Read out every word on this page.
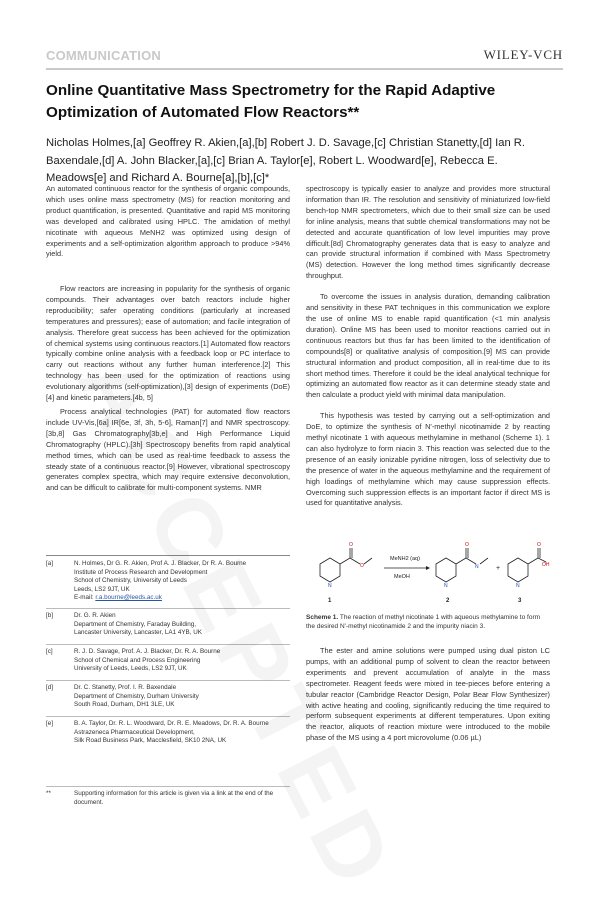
COMMUNICATION	WILEY-VCH
Online Quantitative Mass Spectrometry for the Rapid Adaptive Optimization of Automated Flow Reactors**
Nicholas Holmes,[a] Geoffrey R. Akien,[a],[b] Robert J. D. Savage,[c] Christian Stanetty,[d] Ian R. Baxendale,[d] A. John Blacker,[a],[c] Brian A. Taylor[e], Robert L. Woodward[e], Rebecca E. Meadows[e] and Richard A. Bourne[a],[b],[c]*

An automated continuous reactor for the synthesis of organic compounds, which uses online mass spectrometry (MS) for reaction monitoring and product quantification, is presented. Quantitative and rapid MS monitoring was developed and calibrated using HPLC. The amidation of methyl nicotinate with aqueous MeNH2 was optimized using design of experiments and a self-optimization algorithm approach to produce >94% yield.

Flow reactors are increasing in popularity for the synthesis of organic compounds. Their advantages over batch reactors include higher reproducibility; safer operating conditions (particularly at increased temperatures and pressures); ease of automation; and facile integration of analysis. Therefore great success has been achieved for the optimization of chemical systems using continuous reactors.[1] Automated flow reactors typically combine online analysis with a feedback loop or PC interface to carry out reactions without any further human interference.[2] This technology has been used for the optimization of reactions using evolutionary algorithms (self-optimization),[3] design of experiments (DoE)[4] and kinetic parameters.[4b, 5]

Process analytical technologies (PAT) for automated flow reactors include UV-Vis,[6a] IR[6e, 3f, 3h, 5-6], Raman[7] and NMR spectroscopy.[3b,8] Gas Chromatography[3b,e] and High Performance Liquid Chromatography (HPLC).[3h] Spectroscopy benefits from rapid analytical method times, which can be used as real-time feedback to assess the steady state of a continuous reactor.[9] However, vibrational spectroscopy generates complex spectra, which may require extensive deconvolution, and can be difficult to calibrate for multi-component systems. NMR

[a]	N. Holmes, Dr G. R. Akien, Prof A. J. Blacker, Dr R. A. Bourne
Institute of Process Research and Development
School of Chemistry, University of Leeds
Leeds, LS2 9JT, UK
E-mail: r.a.bourne@leeds.ac.uk
[b]	Dr. G. R. Akien
Department of Chemistry, Faraday Building,
Lancaster University, Lancaster, LA1 4YB, UK
[c]	R. J. D. Savage, Prof. A. J. Blacker, Dr. R. A. Bourne
School of Chemical and Process Engineering
University of Leeds, Leeds, LS2 9JT, UK
[d]	Dr. C. Stanetty, Prof. I. R. Baxendale
Department of Chemistry, Durham University
South Road, Durham, DH1 3LE, UK
[e]	B. A. Taylor, Dr. R. L. Woodward, Dr. R. E. Meadows, Dr. R. A. Bourne
Astrazeneca Pharmaceutical Development,
Silk Road Business Park, Macclesfield, SK10 2NA, UK
**	Supporting information for this article is given via a link at the end of the document.

spectroscopy is typically easier to analyze and provides more structural information than IR. The resolution and sensitivity of miniaturized low-field bench-top NMR spectrometers, which due to their small size can be used for inline analysis, means that subtle chemical transformations may not be detected and accurate quantification of low level impurities may prove difficult.[8d] Chromatography generates data that is easy to analyze and can provide structural information if combined with Mass Spectrometry (MS) detection. However the long method times significantly decrease throughput.

To overcome the issues in analysis duration, demanding calibration and sensitivity in these PAT techniques in this communication we explore the use of online MS to enable rapid quantification (<1 min analysis duration). Online MS has been used to monitor reactions carried out in continuous reactors but thus far has been limited to the identification of compounds[8] or qualitative analysis of composition.[9] MS can provide structural information and product composition, all in real-time due to its short method times. Therefore it could be the ideal analytical technique for optimizing an automated flow reactor as it can determine steady state and then calculate a product yield with minimal data manipulation.

This hypothesis was tested by carrying out a self-optimization and DoE, to optimize the synthesis of N'-methyl nicotinamide 2 by reacting methyl nicotinate 1 with aqueous methylamine in methanol (Scheme 1). 1 can also hydrolyze to form niacin 3. This reaction was selected due to the presence of an easily ionizable pyridine nitrogen, loss of selectivity due to the presence of water in the aqueous methylamine and the requirement of high loadings of methylamine which may cause suppression effects. Overcoming such suppression effects is an important factor if direct MS is used for quantitative analysis.

O
O
N
1
MeNH2 (aq)
MeOH
O
N
N
2
+
O
OH
N
3
Scheme 1. The reaction of methyl nicotinate 1 with aqueous methylamine to form the desired N'-methyl nicotinamide 2 and the impurity niacin 3.

The ester and amine solutions were pumped using dual piston LC pumps, with an additional pump of solvent to clean the reactor between experiments and prevent accumulation of analyte in the mass spectrometer. Reagent feeds were mixed in tee-pieces before entering a tubular reactor (Cambridge Reactor Design, Polar Bear Flow Synthesizer) with active heating and cooling, significantly reducing the time required to perform subsequent experiments at different temperatures. Upon exiting the reactor, aliquots of reaction mixture were introduced to the mobile phase of the MS using a 4 port microvolume (0.06 µL)
